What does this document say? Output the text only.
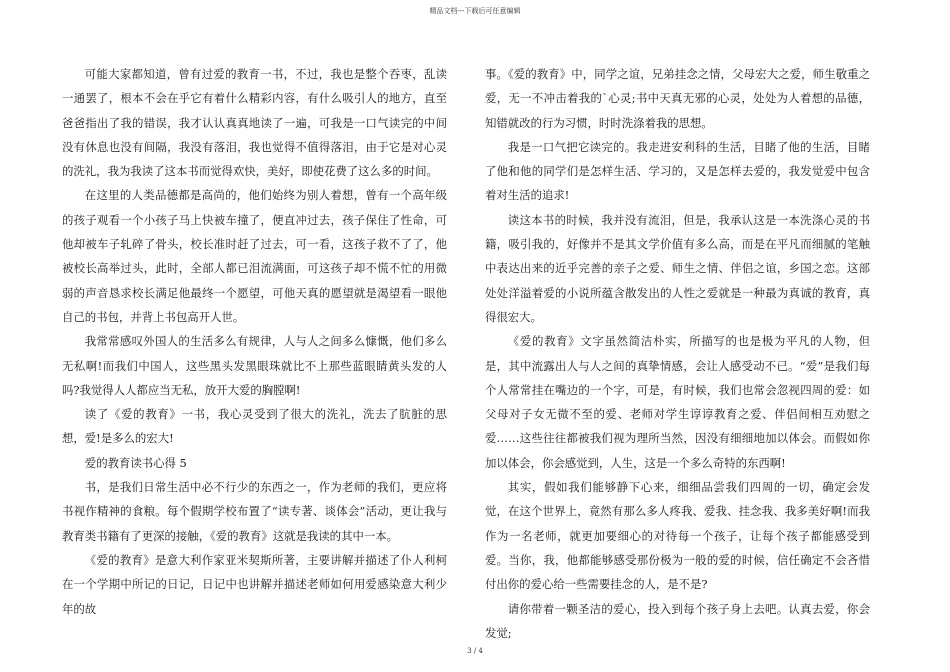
精品文档---下载后可任意编辑

可能大家都知道，曾有过爱的教育一书，不过，我也是整个吞枣，乱读一通罢了，根本不会在乎它有着什么精彩内容，有什么吸引人的地方，直至爸爸指出了我的错误，我才认认真真地读了一遍，可我是一口气读完的中间没有休息也没有间隔，我没有落泪，我也觉得不值得落泪，由于它是对心灵的洗礼，我为我读了这本书而觉得欢快，美好，即使花费了这么多的时间。

在这里的人类品德都是高尚的，他们始终为别人着想，曾有一个高年级的孩子观看一个小孩子马上快被车撞了，便直冲过去，孩子保住了性命，可他却被车子轧碎了骨头，校长准时赶了过去，可一看，这孩子救不了了，他被校长高举过头，此时，全部人都已泪流满面，可这孩子却不慌不忙的用微弱的声音恳求校长满足他最终一个愿望，可他天真的愿望就是渴望看一眼他自己的书包，并背上书包高开人世。

我常常感叹外国人的生活多么有规律，人与人之间多么慷慨，他们多么无私啊!而我们中国人，这些黑头发黑眼珠就比不上那些蓝眼睛黄头发的人吗?我觉得人人都应当无私，放开大爱的胸膛啊!

读了《爱的教育》一书，我心灵受到了很大的洗礼，洗去了肮脏的思想，爱!是多么的宏大!

爱的教育读书心得 5

书，是我们日常生活中必不行少的东西之一，作为老师的我们，更应将书视作精神的食粮。每个假期学校布置了“读专著、谈体会”活动，更让我与教育类书籍有了更深的接触，《爱的教育》这就是我读的其中一本。

《爱的教育》是意大利作家亚米契斯所著，主要讲解并描述了仆人利柯在一个学期中所记的日记，日记中也讲解并描述老师如何用爱感染意大利少年的故

事。《爱的教育》中，同学之谊，兄弟挂念之情，父母宏大之爱，师生敬重之爱，无一不冲击着我的`心灵;书中天真无邪的心灵，处处为人着想的品德，知错就改的行为习惯，时时洗涤着我的思想。

我是一口气把它读完的。我走进安利科的生活，目睹了他的生活，目睹了他和他的同学们是怎样生活、学习的，又是怎样去爱的，我发觉爱中包含着对生活的追求!

读这本书的时候，我并没有流泪，但是，我承认这是一本洗涤心灵的书籍，吸引我的，好像并不是其文学价值有多么高，而是在平凡而细腻的笔触中表达出来的近乎完善的亲子之爱、师生之情、伴侣之谊，乡国之恋。这部处处洋溢着爱的小说所蕴含散发出的人性之爱就是一种最为真诚的教育，真得很宏大。

《爱的教育》文字虽然简洁朴实，所描写的也是极为平凡的人物，但是，其中流露出人与人之间的真挚情感，会让人感受动不已。“爱”是我们每个人常常挂在嘴边的一个字，可是，有时候，我们也常会忽视四周的爱：如父母对子女无微不至的爱、老师对学生谆谆教育之爱、伴侣间相互劝慰之爱……这些往往都被我们视为理所当然，因没有细细地加以体会。而假如你加以体会，你会感觉到，人生，这是一个多么奇特的东西啊!

其实，假如我们能够静下心来，细细品尝我们四周的一切，确定会发觉，在这个世界上，竟然有那么多人疼我、爱我、挂念我、我多美好啊!而我作为一名老师，就更加要细心的对待每一个孩子，让每个孩子都能感受到爱。当你，我，他都能够感受那份极为一般的爱的时候，信任确定不会吝惜付出你的爱心给一些需要挂念的人，是不是?

请你带着一颗圣洁的爱心，投入到每个孩子身上去吧。认真去爱，你会发觉;

3 / 4
